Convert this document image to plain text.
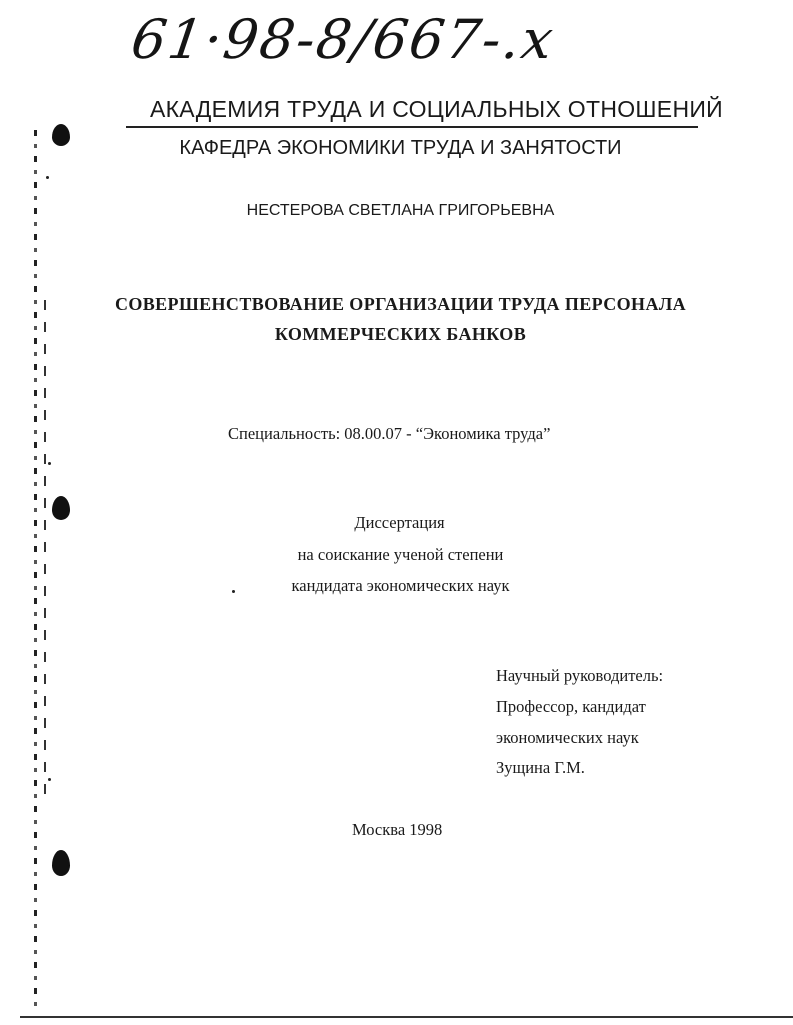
61·98-8/667-.x
АКАДЕМИЯ ТРУДА И СОЦИАЛЬНЫХ ОТНОШЕНИЙ
КАФЕДРА ЭКОНОМИКИ ТРУДА И ЗАНЯТОСТИ
НЕСТЕРОВА СВЕТЛАНА ГРИГОРЬЕВНА
СОВЕРШЕНСТВОВАНИЕ ОРГАНИЗАЦИИ ТРУДА ПЕРСОНАЛА
КОММЕРЧЕСКИХ БАНКОВ
Специальность: 08.00.07 - “Экономика труда”
Диссертация
на соискание ученой степени
кандидата экономических наук
Научный руководитель:
Профессор, кандидат
экономических наук
Зущина Г.М.
Москва 1998
